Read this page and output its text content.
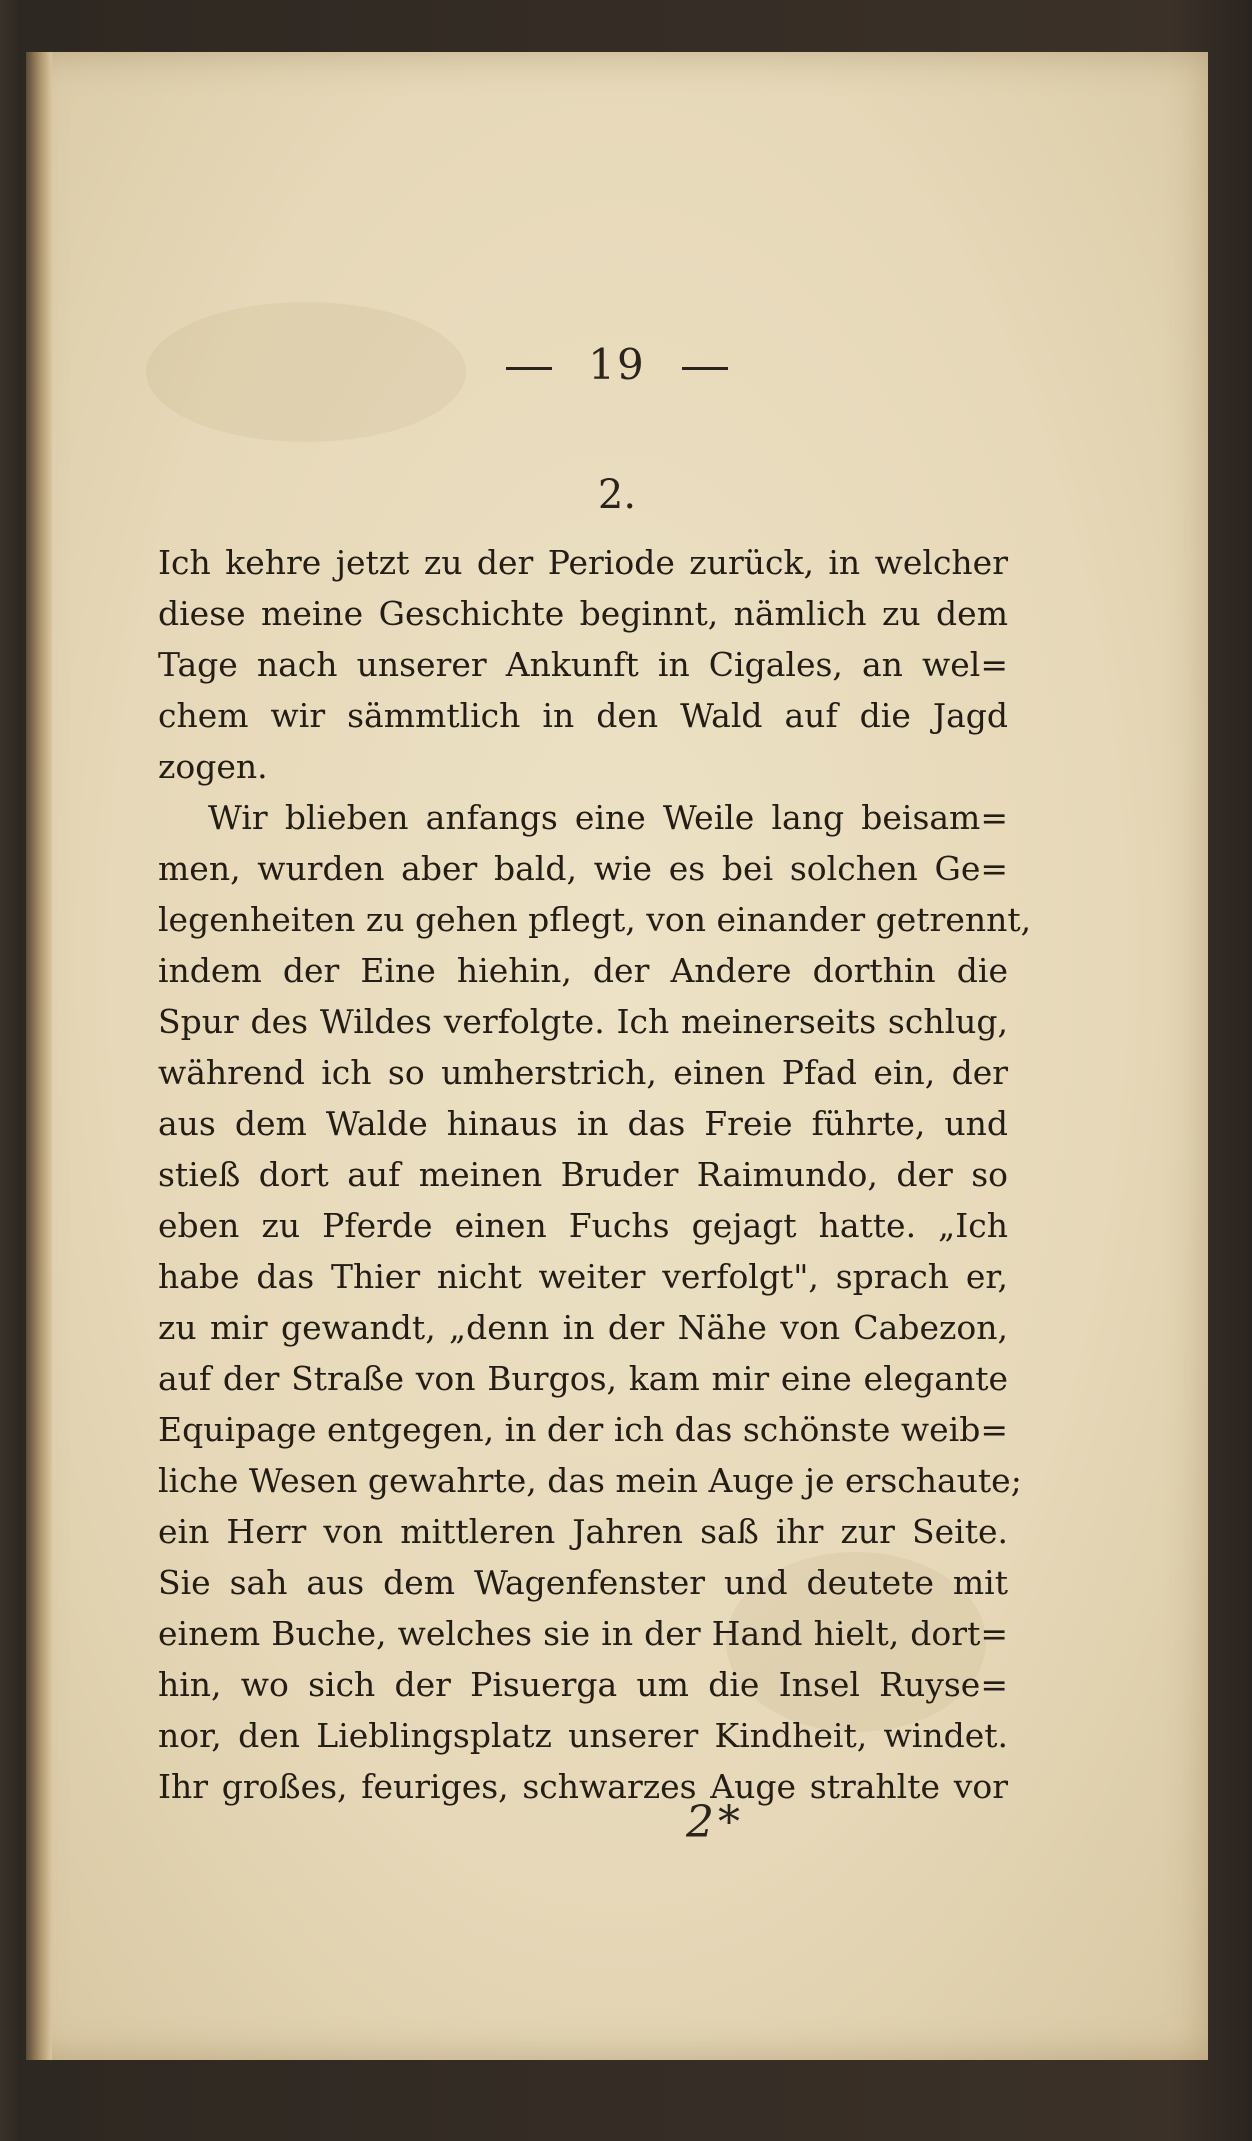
19
2.
Ich kehre jetzt zu der Periode zurück, in welcher
diese meine Geschichte beginnt, nämlich zu dem
Tage nach unserer Ankunft in Cigales, an wel=
chem wir sämmtlich in den Wald auf die Jagd
zogen.
Wir blieben anfangs eine Weile lang beisam=
men, wurden aber bald, wie es bei solchen Ge=
legenheiten zu gehen pflegt, von einander getrennt,
indem der Eine hiehin, der Andere dorthin die
Spur des Wildes verfolgte. Ich meinerseits schlug,
während ich so umherstrich, einen Pfad ein, der
aus dem Walde hinaus in das Freie führte, und
stieß dort auf meinen Bruder Raimundo, der so
eben zu Pferde einen Fuchs gejagt hatte. „Ich
habe das Thier nicht weiter verfolgt", sprach er,
zu mir gewandt, „denn in der Nähe von Cabezon,
auf der Straße von Burgos, kam mir eine elegante
Equipage entgegen, in der ich das schönste weib=
liche Wesen gewahrte, das mein Auge je erschaute;
ein Herr von mittleren Jahren saß ihr zur Seite.
Sie sah aus dem Wagenfenster und deutete mit
einem Buche, welches sie in der Hand hielt, dort=
hin, wo sich der Pisuerga um die Insel Ruyse=
nor, den Lieblingsplatz unserer Kindheit, windet.
Ihr großes, feuriges, schwarzes Auge strahlte vor
2*
